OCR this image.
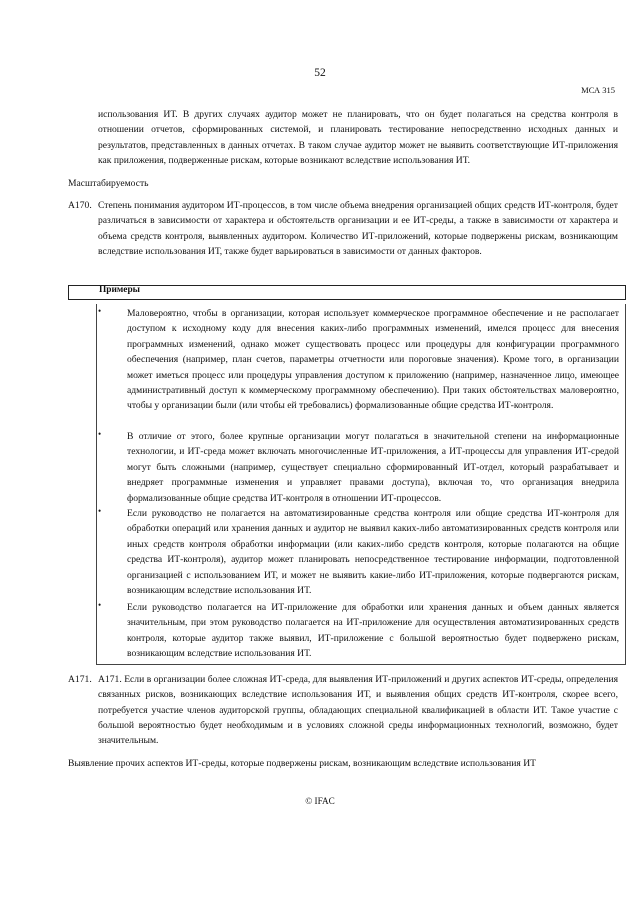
52
МСА 315
использования ИТ. В других случаях аудитор может не планировать, что он будет полагаться на средства контроля в отношении отчетов, сформированных системой, и планировать тестирование непосредственно исходных данных и результатов, представленных в данных отчетах. В таком случае аудитор может не выявить соответствующие ИТ-приложения как приложения, подверженные рискам, которые возникают вследствие использования ИТ.
Масштабируемость
A170. Степень понимания аудитором ИТ-процессов, в том числе объема внедрения организацией общих средств ИТ-контроля, будет различаться в зависимости от характера и обстоятельств организации и ее ИТ-среды, а также в зависимости от характера и объема средств контроля, выявленных аудитором. Количество ИТ-приложений, которые подвержены рискам, возникающим вследствие использования ИТ, также будет варьироваться в зависимости от данных факторов.
Примеры
•	Маловероятно, чтобы в организации, которая использует коммерческое программное обеспечение и не располагает доступом к исходному коду для внесения каких-либо программных изменений, имелся процесс для внесения программных изменений, однако может существовать процесс или процедуры для конфигурации программного обеспечения (например, план счетов, параметры отчетности или пороговые значения). Кроме того, в организации может иметься процесс или процедуры управления доступом к приложению (например, назначенное лицо, имеющее административный доступ к коммерческому программному обеспечению). При таких обстоятельствах маловероятно, чтобы у организации были (или чтобы ей требовались) формализованные общие средства ИТ-контроля.
•	В отличие от этого, более крупные организации могут полагаться в значительной степени на информационные технологии, и ИТ-среда может включать многочисленные ИТ-приложения, а ИТ-процессы для управления ИТ-средой могут быть сложными (например, существует специально сформированный ИТ-отдел, который разрабатывает и внедряет программные изменения и управляет правами доступа), включая то, что организация внедрила формализованные общие средства ИТ-контроля в отношении ИТ-процессов.
•	Если руководство не полагается на автоматизированные средства контроля или общие средства ИТ-контроля для обработки операций или хранения данных и аудитор не выявил каких-либо автоматизированных средств контроля или иных средств контроля обработки информации (или каких-либо средств контроля, которые полагаются на общие средства ИТ-контроля), аудитор может планировать непосредственное тестирование информации, подготовленной организацией с использованием ИТ, и может не выявить какие-либо ИТ-приложения, которые подвергаются рискам, возникающим вследствие использования ИТ.
•	Если руководство полагается на ИТ-приложение для обработки или хранения данных и объем данных является значительным, при этом руководство полагается на ИТ-приложение для осуществления автоматизированных средств контроля, которые аудитор также выявил, ИТ-приложение с большой вероятностью будет подвержено рискам, возникающим вследствие использования ИТ.
A171. A171. Если в организации более сложная ИТ-среда, для выявления ИТ-приложений и других аспектов ИТ-среды, определения связанных рисков, возникающих вследствие использования ИТ, и выявления общих средств ИТ-контроля, скорее всего, потребуется участие членов аудиторской группы, обладающих специальной квалификацией в области ИТ. Такое участие с большой вероятностью будет необходимым и в условиях сложной среды информационных технологий, возможно, будет значительным.
Выявление прочих аспектов ИТ-среды, которые подвержены рискам, возникающим вследствие использования ИТ
© IFAC
